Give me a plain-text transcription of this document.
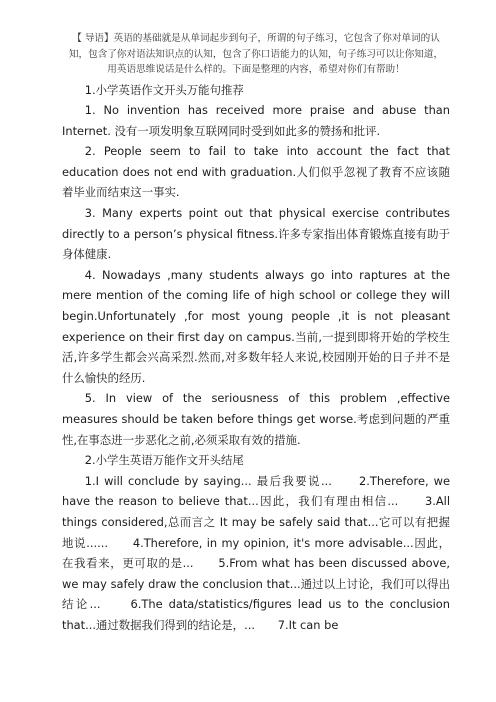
【 导语】英语的基础就是从单词起步到句子，所谓的句子练习，它包含了你对单词的认知，包含了你对语法知识点的认知，包含了你口语能力的认知，句子练习可以让你知道，用英语思维说话是什么样的。下面是整理的内容，希望对你们有帮助！

1.小学英语作文开头万能句推荐

1. No invention has received more praise and abuse than Internet. 没有一项发明象互联网同时受到如此多的赞扬和批评.

2. People seem to fail to take into account the fact that education does not end with graduation.人们似乎忽视了教育不应该随着毕业而结束这一事实.

3. Many experts point out that physical exercise contributes directly to a person’s physical fitness.许多专家指出体育锻炼直接有助于身体健康.

4. Nowadays ,many students always go into raptures at the mere mention of the coming life of high school or college they will begin.Unfortunately ,for most young people ,it is not pleasant experience on their first day on campus.当前,一提到即将开始的学校生活,许多学生都会兴高采烈.然而,对多数年轻人来说,校园刚开始的日子并不是什么愉快的经历.

5. In view of the seriousness of this problem ,effective measures should be taken before things get worse.考虑到问题的严重性,在事态进一步恶化之前,必须采取有效的措施.

2.小学生英语万能作文开头结尾

1.I will conclude by saying... 最后我要说...　　2.Therefore, we have the reason to believe that...因此，我们有理由相信...　　3.All things considered,总而言之 It may be safely said that...它可以有把握地说......　　4.Therefore, in my opinion, it's more advisable...因此，在我看来，更可取的是...　　5.From what has been discussed above, we may safely draw the conclusion that...通过以上讨论，我们可以得出结论...　　6.The data/statistics/figures lead us to the conclusion that...通过数据我们得到的结论是，...　　7.It can be
